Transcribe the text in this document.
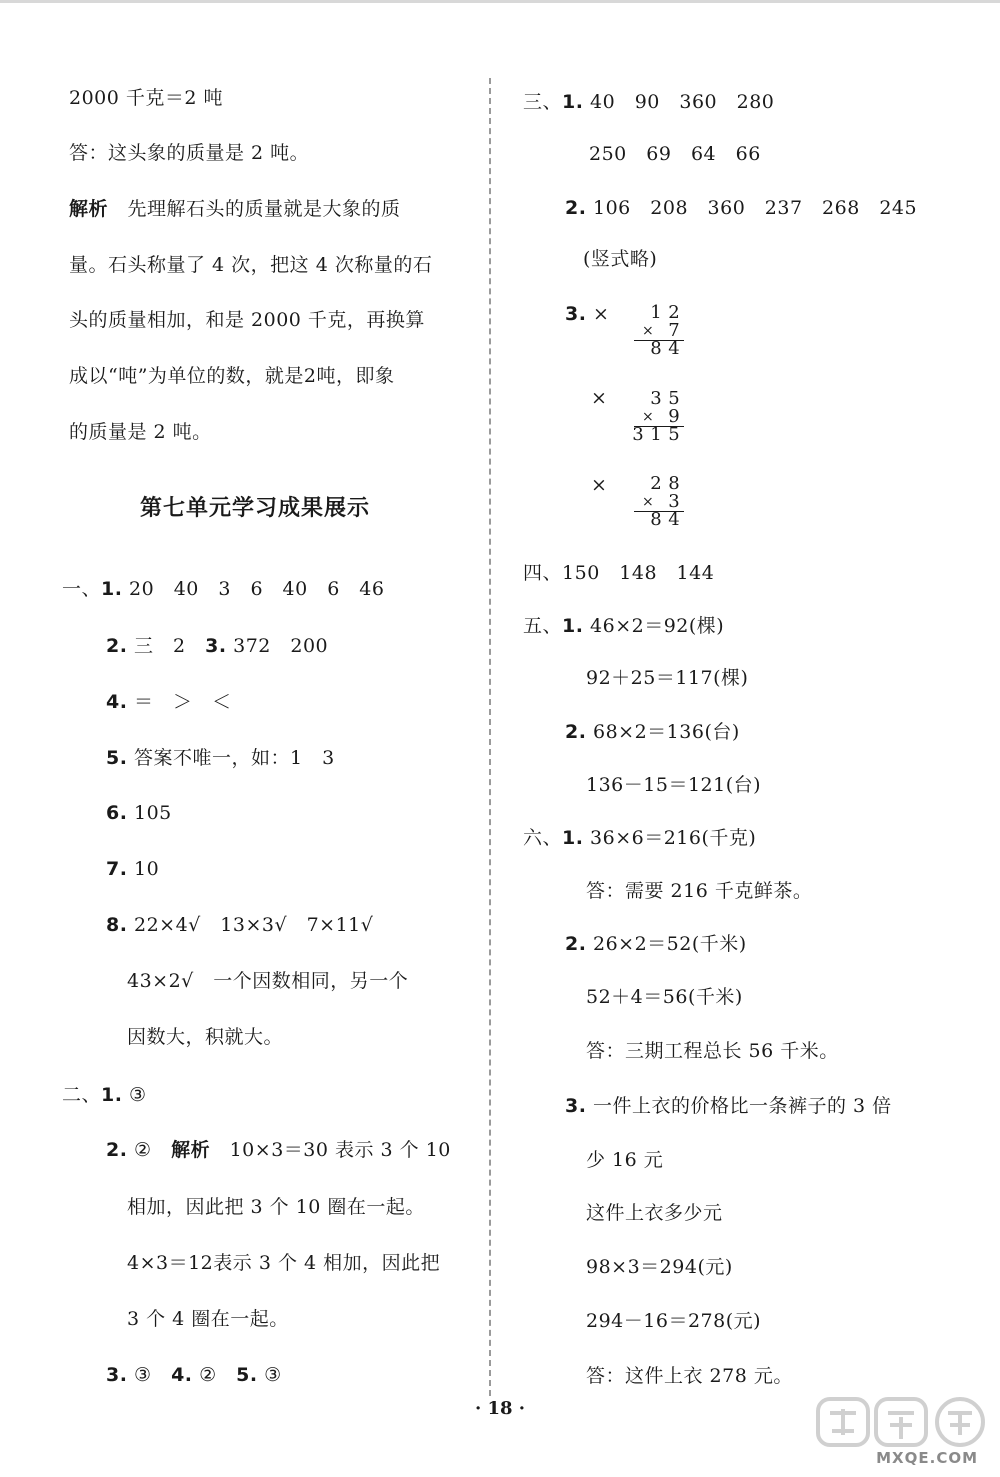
2000 千克＝2 吨
答：这头象的质量是 2 吨。
解析　 先理解石头的质量就是大象的质
量。石头称量了 4 次，把这 4 次称量的石
头的质量相加，和是 2000 千克，再换算
成以“吨”为单位的数，就是2吨，即象
的质量是 2 吨。
第七单元学习成果展示
一、1. 20　40　3　6　40　6　46
2. 三　2　 3. 372　200
4. ＝　＞　＜
5. 答案不唯一，如：1　3
6. 105
7. 10
8. 22×4√　13×3√　7×11√
43×2√　一个因数相同，另一个
因数大，积就大。
二、1. ③
2. ②　 解析　 10×3＝30 表示 3 个 10
相加，因此把 3 个 10 圈在一起。
4×3＝12表示 3 个 4 相加，因此把
3 个 4 圈在一起。
3. ③　 4. ②　 5. ③
三、1. 40　90　360　280
250　69　64　66
2. 106　208　360　237　268　245
(竖式略)
3. ×
×
×
1 2
× 7
8 4
3 5
× 9
3 1 5
2 8
× 3
8 4
四、150　148　144
五、1. 46×2＝92(棵)
92＋25＝117(棵)
2. 68×2＝136(台)
136－15＝121(台)
六、1. 36×6＝216(千克)
答：需要 216 千克鲜茶。
2. 26×2＝52(千米)
52＋4＝56(千米)
答：三期工程总长 56 千米。
3. 一件上衣的价格比一条裤子的 3 倍
少 16 元
这件上衣多少元
98×3＝294(元)
294－16＝278(元)
答：这件上衣 278 元。
· 18 ·
MXQE.COM
